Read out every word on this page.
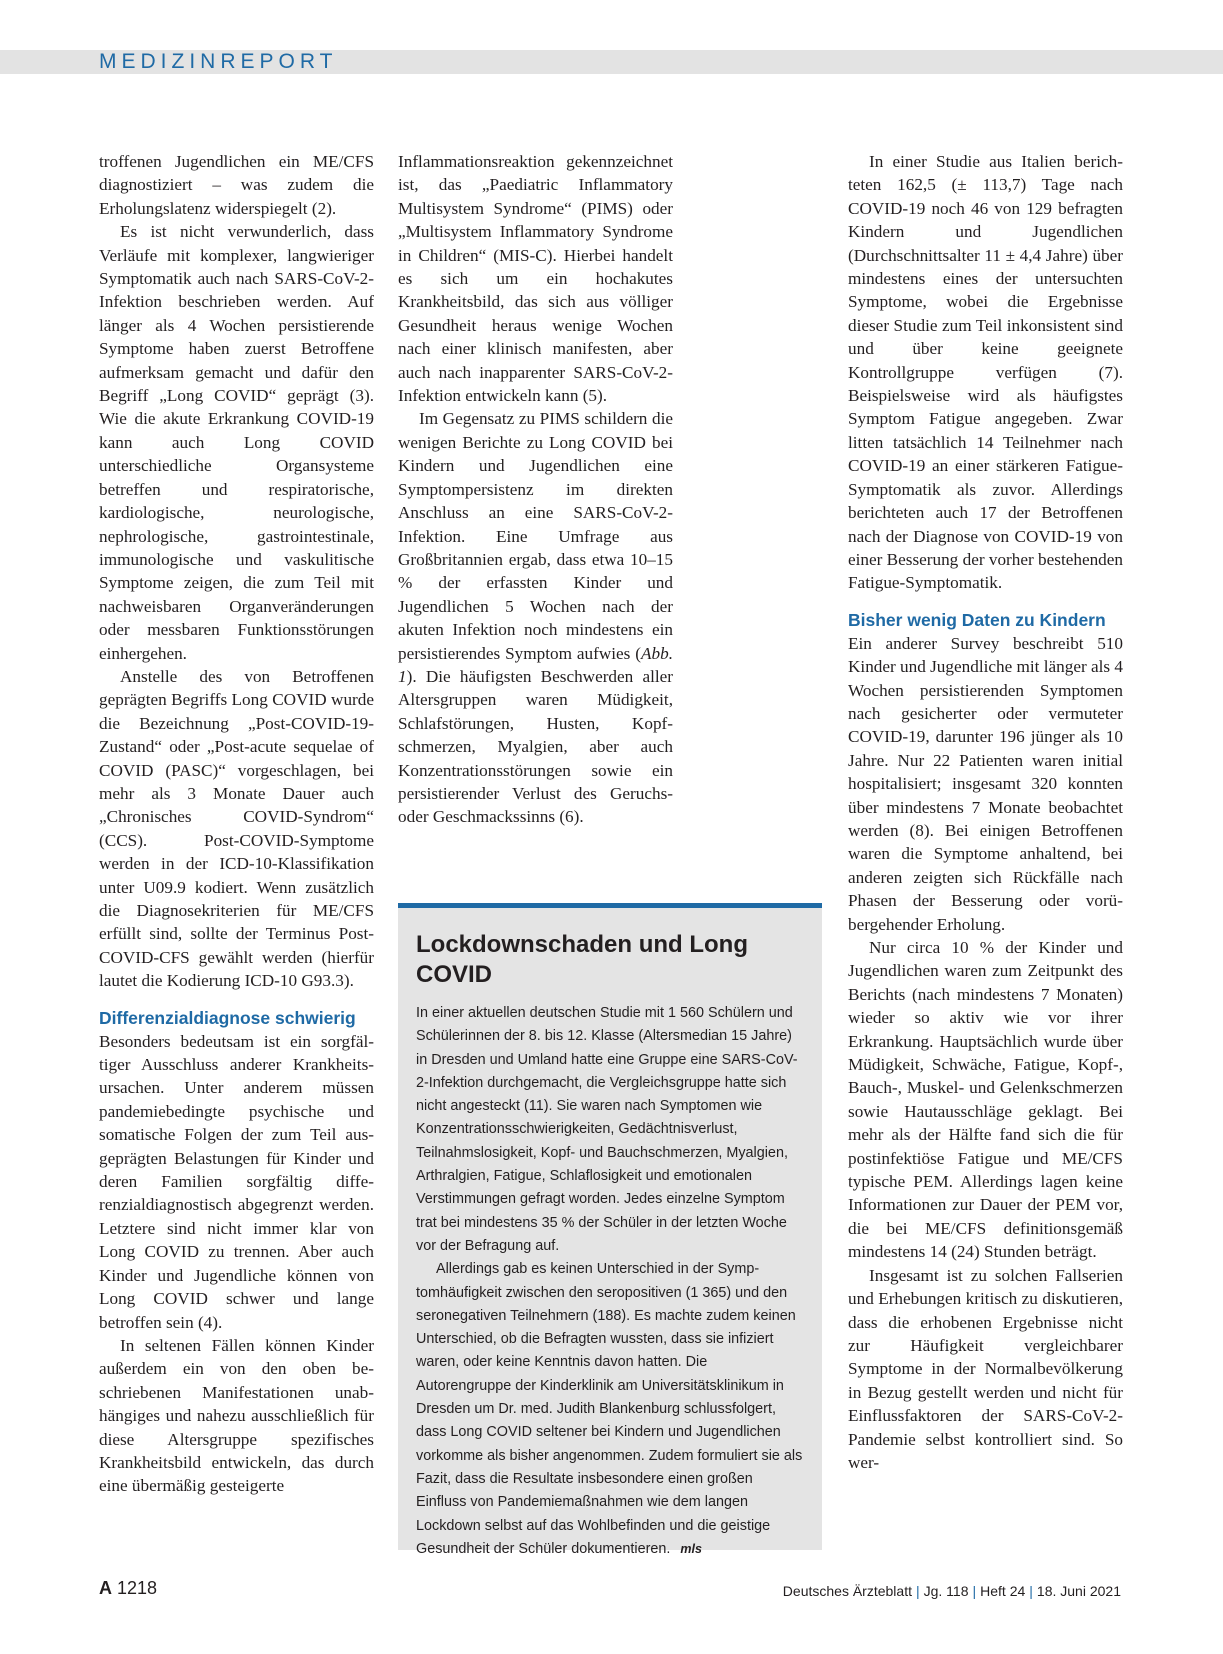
MEDIZINREPORT

troffenen Jugendlichen ein ME/CFS diagnostiziert – was zudem die Erholungslatenz widerspiegelt (2).

Es ist nicht verwunderlich, dass Verläufe mit komplexer, langwieriger Symptomatik auch nach SARS-CoV-2-Infektion beschrieben werden. Auf länger als 4 Wochen persistierende Symptome haben zuerst Betroffene aufmerksam gemacht und dafür den Begriff „Long COVID“ geprägt (3). Wie die akute Erkrankung COVID-19 kann auch Long COVID unterschiedliche Organsysteme betreffen und respiratorische, kardiologische, neurologische, nephrologische, gastrointestinale, immunologische und vaskulitische Symptome zeigen, die zum Teil mit nachweisbaren Organveränderungen oder messbaren Funktionsstörungen einhergehen.

Anstelle des von Betroffenen geprägten Begriffs Long COVID wurde die Bezeichnung „Post-COVID-19-Zustand“ oder „Post-acute sequelae of COVID (PASC)“ vorgeschlagen, bei mehr als 3 Monate Dauer auch „Chronisches COVID-Syndrom“ (CCS). Post-COVID-Symptome werden in der ICD-10-Klassifikation unter U09.9 kodiert. Wenn zusätzlich die Diagnosekriterien für ME/CFS erfüllt sind, sollte der Terminus Post-COVID-CFS gewählt werden (hierfür lautet die Kodierung ICD-10 G93.3).

Differenzialdiagnose schwierig

Besonders bedeutsam ist ein sorgfältiger Ausschluss anderer Krankheitsursachen. Unter anderem müssen pandemiebedingte psychische und somatische Folgen der zum Teil ausgeprägten Belastungen für Kinder und deren Familien sorgfältig differenzialdiagnostisch abgegrenzt werden. Letztere sind nicht immer klar von Long COVID zu trennen. Aber auch Kinder und Jugendliche können von Long COVID schwer und lange betroffen sein (4).

In seltenen Fällen können Kinder außerdem ein von den oben beschriebenen Manifestationen unabhängiges und nahezu ausschließlich für diese Altersgruppe spezifisches Krankheitsbild entwickeln, das durch eine übermäßig gesteigerte

Inflammationsreaktion gekennzeichnet ist, das „Paediatric Inflammatory Multisystem Syndrome“ (PIMS) oder „Multisystem Inflammatory Syndrome in Children“ (MIS-C). Hierbei handelt es sich um ein hochakutes Krankheitsbild, das sich aus völliger Gesundheit heraus wenige Wochen nach einer klinisch manifesten, aber auch nach inapparenter SARS-CoV-2-Infektion entwickeln kann (5).

Im Gegensatz zu PIMS schildern die wenigen Berichte zu Long COVID bei Kindern und Jugendlichen eine Symptompersistenz im direkten Anschluss an eine SARS-CoV-2-Infektion. Eine Umfrage aus Großbritannien ergab, dass etwa 10–15 % der erfassten Kinder und Jugendlichen 5 Wochen nach der akuten Infektion noch mindestens ein persistierendes Symptom aufwies (Abb. 1). Die häufigsten Beschwerden aller Altersgruppen waren Müdigkeit, Schlafstörungen, Husten, Kopfschmerzen, Myalgien, aber auch Konzentrationsstörungen sowie ein persistierender Verlust des Geruchs- oder Geschmackssinns (6).

Lockdownschaden und Long COVID

In einer aktuellen deutschen Studie mit 1 560 Schülern und Schülerinnen der 8. bis 12. Klasse (Altersmedian 15 Jahre) in Dresden und Umland hatte eine Gruppe eine SARS-CoV-2-Infektion durchgemacht, die Vergleichsgruppe hatte sich nicht angesteckt (11). Sie waren nach Symptomen wie Konzentrationsschwierigkeiten, Gedächtnisverlust, Teilnahmslosigkeit, Kopf- und Bauchschmerzen, Myalgien, Arthralgien, Fatigue, Schlaflosigkeit und emotionalen Verstimmungen gefragt worden. Jedes einzelne Symptom trat bei mindestens 35 % der Schüler in der letzten Woche vor der Befragung auf.

Allerdings gab es keinen Unterschied in der Symptomhäufigkeit zwischen den seropositiven (1 365) und den seronegativen Teilnehmern (188). Es machte zudem keinen Unterschied, ob die Befragten wussten, dass sie infiziert waren, oder keine Kenntnis davon hatten. Die Autorengruppe der Kinderklinik am Universitätsklinikum in Dresden um Dr. med. Judith Blankenburg schlussfolgert, dass Long COVID seltener bei Kindern und Jugendlichen vorkomme als bisher angenommen. Zudem formuliert sie als Fazit, dass die Resultate insbesondere einen großen Einfluss von Pandemiemaßnahmen wie dem langen Lockdown selbst auf das Wohlbefinden und die geistige Gesundheit der Schüler dokumentieren. mls

In einer Studie aus Italien berichteten 162,5 (± 113,7) Tage nach COVID-19 noch 46 von 129 befragten Kindern und Jugendlichen (Durchschnittsalter 11 ± 4,4 Jahre) über mindestens eines der untersuchten Symptome, wobei die Ergebnisse dieser Studie zum Teil inkonsistent sind und über keine geeignete Kontrollgruppe verfügen (7). Beispielsweise wird als häufigstes Symptom Fatigue angegeben. Zwar litten tatsächlich 14 Teilnehmer nach COVID-19 an einer stärkeren Fatigue-Symptomatik als zuvor. Allerdings berichteten auch 17 der Betroffenen nach der Diagnose von COVID-19 von einer Besserung der vorher bestehenden Fatigue-Symptomatik.

Bisher wenig Daten zu Kindern

Ein anderer Survey beschreibt 510 Kinder und Jugendliche mit länger als 4 Wochen persistierenden Symptomen nach gesicherter oder vermuteter COVID-19, darunter 196 jünger als 10 Jahre. Nur 22 Patienten waren initial hospitalisiert; insgesamt 320 konnten über mindestens 7 Monate beobachtet werden (8). Bei einigen Betroffenen waren die Symptome anhaltend, bei anderen zeigten sich Rückfälle nach Phasen der Besserung oder vorübergehender Erholung.

Nur circa 10 % der Kinder und Jugendlichen waren zum Zeitpunkt des Berichts (nach mindestens 7 Monaten) wieder so aktiv wie vor ihrer Erkrankung. Hauptsächlich wurde über Müdigkeit, Schwäche, Fatigue, Kopf-, Bauch-, Muskel- und Gelenkschmerzen sowie Hautausschläge geklagt. Bei mehr als der Hälfte fand sich die für postinfektiöse Fatigue und ME/CFS typische PEM. Allerdings lagen keine Informationen zur Dauer der PEM vor, die bei ME/CFS definitionsgemäß mindestens 14 (24) Stunden beträgt.

Insgesamt ist zu solchen Fallserien und Erhebungen kritisch zu diskutieren, dass die erhobenen Ergebnisse nicht zur Häufigkeit vergleichbarer Symptome in der Normalbevölkerung in Bezug gestellt werden und nicht für Einflussfaktoren der SARS-CoV-2-Pandemie selbst kontrolliert sind. So wer-

A 1218	Deutsches Ärzteblatt | Jg. 118 | Heft 24 | 18. Juni 2021
